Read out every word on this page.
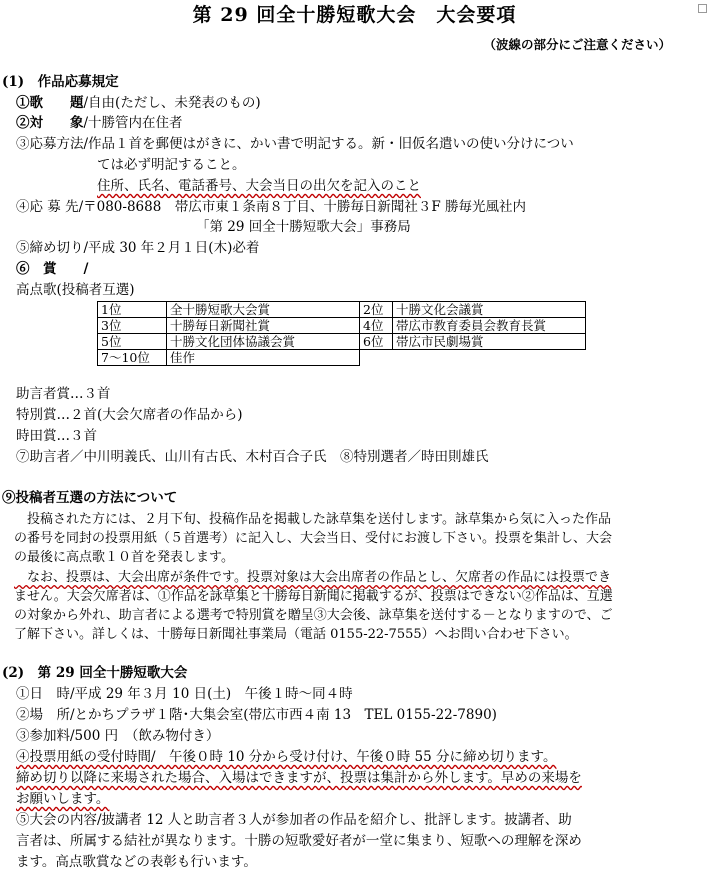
第 29 回全十勝短歌大会　大会要項
（波線の部分にご注意ください）
(1)　作品応募規定
①歌　　題/自由(ただし、未発表のもの)
②対　　象/十勝管内在住者
③応募方法/作品１首を郵便はがきに、かい書で明記する。新・旧仮名遣いの使い分けについ
ては必ず明記すること。
住所、氏名、電話番号、大会当日の出欠を記入のこと
④応 募 先/〒080-8688　帯広市東１条南８丁目、十勝毎日新聞社３F 勝毎光風社内
「第 29 回全十勝短歌大会」事務局
⑤締め切り/平成 30 年２月１日(木)必着
⑥　賞　　/
高点歌(投稿者互選)
1位	全十勝短歌大会賞	2位	十勝文化会議賞
3位	十勝毎日新聞社賞	4位	帯広市教育委員会教育長賞
5位	十勝文化団体協議会賞	6位	帯広市民劇場賞
7～10位	佳作		
助言者賞…３首
特別賞…２首(大会欠席者の作品から)
時田賞…３首
⑦助言者／中川明義氏、山川有古氏、木村百合子氏　⑧特別選者／時田則雄氏
⑨投稿者互選の方法について
　投稿された方には、２月下旬、投稿作品を掲載した詠草集を送付します。詠草集から気に入った作品
の番号を同封の投票用紙（５首選考）に記入し、大会当日、受付にお渡し下さい。投票を集計し、大会
の最後に高点歌１０首を発表します。
　なお、投票は、大会出席が条件です。投票対象は大会出席者の作品とし、欠席者の作品には投票でき
ません。大会欠席者は、①作品を詠草集と十勝毎日新聞に掲載するが、投票はできない②作品は、互選
の対象から外れ、助言者による選考で特別賞を贈呈③大会後、詠草集を送付する－となりますので、ご
了解下さい。詳しくは、十勝毎日新聞社事業局（電話 0155-22-7555）へお問い合わせ下さい。
(2)　第 29 回全十勝短歌大会
①日　時/平成 29 年３月 10 日(土)　午後１時～同４時
②場　所/とかちプラザ１階･大集会室(帯広市西４南 13　TEL 0155-22-7890)
③参加料/500 円　（飲み物付き）
④投票用紙の受付時間/　午後０時 10 分から受け付け、午後０時 55 分に締め切ります。
締め切り以降に来場された場合、入場はできますが、投票は集計から外します。早めの来場を
お願いします。
⑤大会の内容/披講者 12 人と助言者３人が参加者の作品を紹介し、批評します。披講者、助
言者は、所属する結社が異なります。十勝の短歌愛好者が一堂に集まり、短歌への理解を深め
ます。高点歌賞などの表彰も行います。
